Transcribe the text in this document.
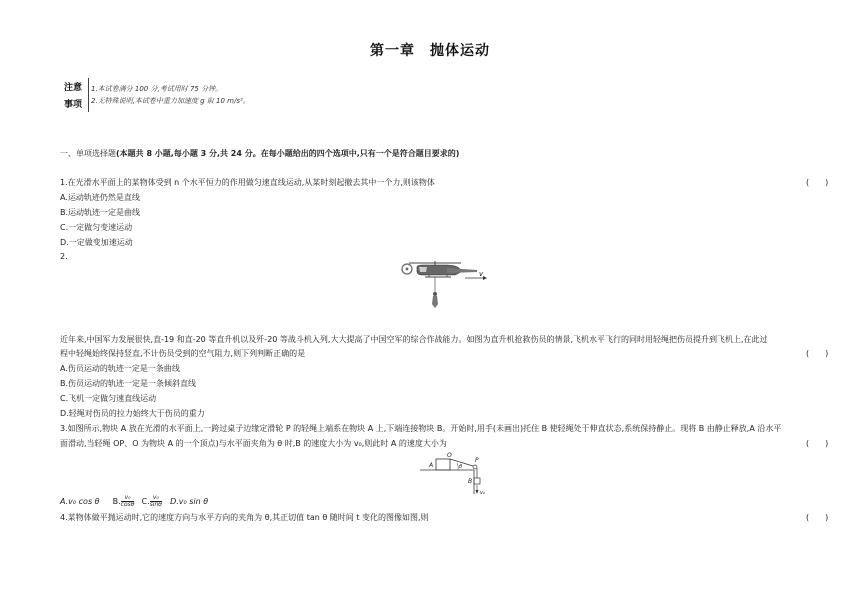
第一章　抛体运动
注意
事项
1.本试卷满分 100 分,考试用时 75 分钟。
2.无特殊说明,本试卷中重力加速度 g 取 10 m/s²。
一、单项选择题(本题共 8 小题,每小题 3 分,共 24 分。在每小题给出的四个选项中,只有一个是符合题目要求的)
1.在光滑水平面上的某物体受到 n 个水平恒力的作用做匀速直线运动,从某时刻起撤去其中一个力,则该物体	(　　)
A.运动轨迹仍然是直线
B.运动轨迹一定是曲线
C.一定做匀变速运动
D.一定做变加速运动
2.
v
近年来,中国军力发展很快,直-19 和直-20 等直升机以及歼-20 等战斗机入列,大大提高了中国空军的综合作战能力。如图为直升机抢救伤员的情景,飞机水平飞行的同时用轻绳把伤员提升到飞机上,在此过
程中轻绳始终保持竖直,不计伤员受到的空气阻力,则下列判断正确的是	(　　)
A.伤员运动的轨迹一定是一条曲线
B.伤员运动的轨迹一定是一条倾斜直线
C.飞机一定做匀速直线运动
D.轻绳对伤员的拉力始终大于伤员的重力
3.如图所示,物块 A 放在光滑的水平面上,一跨过桌子边缘定滑轮 P 的轻绳上端系在物块 A 上,下端连接物块 B。开始时,用手(未画出)托住 B 使轻绳处于伸直状态,系统保持静止。现将 B 由静止释放,A 沿水平
面滑动,当轻绳 OP、O 为物块 A 的一个顶点)与水平面夹角为 θ 时,B 的速度大小为 v₀,则此时 A 的速度大小为	(　　)
A
O
P
θ
B
v₀
A.v₀ cos θ B. $\frac{\text{v₀}}{\cos\theta} C$. $\frac{\text{v₀}}{\sin\theta} D.v_0$ sin θ
4.某物体做平抛运动时,它的速度方向与水平方向的夹角为 θ,其正切值 tan θ 随时间 t 变化的图像如图,则	(　　)
